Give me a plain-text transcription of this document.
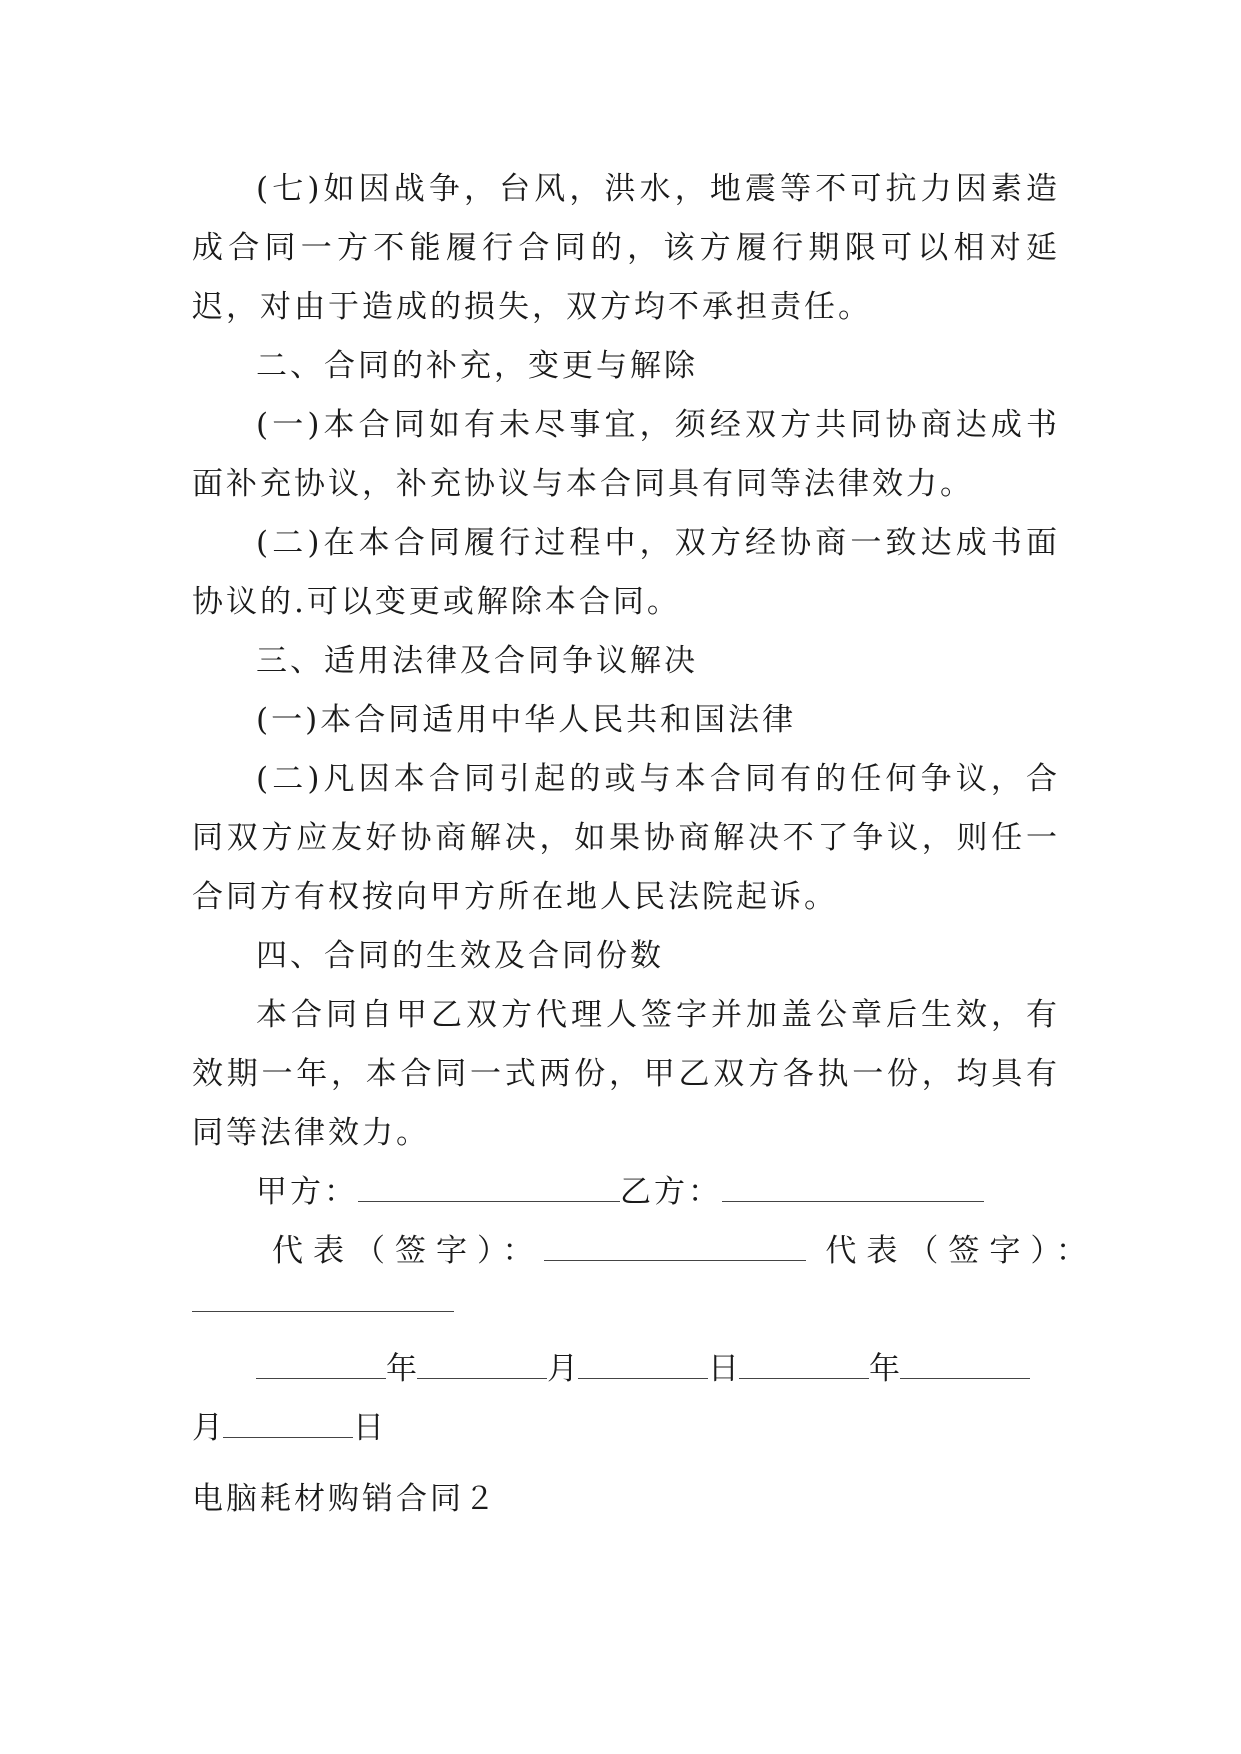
(七)如因战争，台风，洪水，地震等不可抗力因素造成合同一方不能履行合同的，该方履行期限可以相对延迟，对由于造成的损失，双方均不承担责任。

二、合同的补充，变更与解除

(一)本合同如有未尽事宜，须经双方共同协商达成书面补充协议，补充协议与本合同具有同等法律效力。

(二)在本合同履行过程中，双方经协商一致达成书面协议的.可以变更或解除本合同。

三、适用法律及合同争议解决

(一)本合同适用中华人民共和国法律

(二)凡因本合同引起的或与本合同有的任何争议，合同双方应友好协商解决，如果协商解决不了争议，则任一合同方有权按向甲方所在地人民法院起诉。

四、合同的生效及合同份数

本合同自甲乙双方代理人签字并加盖公章后生效，有效期一年，本合同一式两份，甲乙双方各执一份，均具有同等法律效力。

甲方：	乙方：

代表（签字）：	代表（签字）：

年	月	日	年

月	日

电脑耗材购销合同２
